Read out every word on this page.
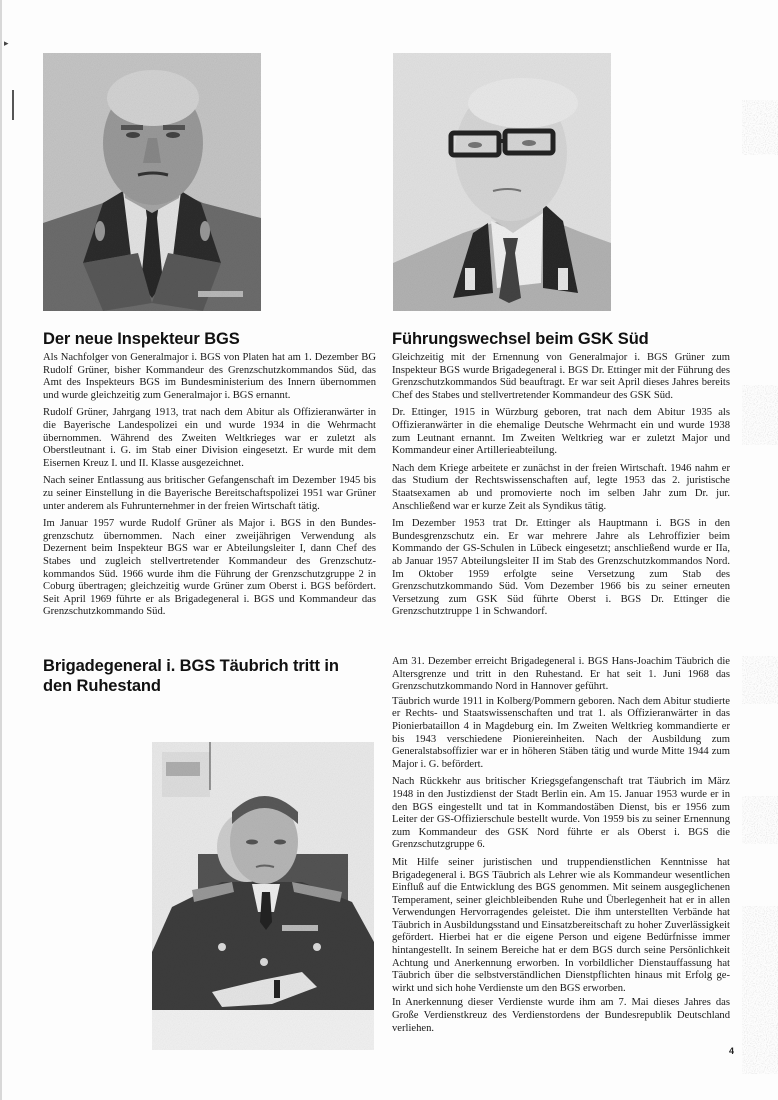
▸
Der neue Inspekteur BGS	Führungswechsel beim GSK Süd

Als Nachfolger von Generalmajor i. BGS von Platen hat am 1. Dezember BG Rudolf Grüner, bisher Kommandeur des Grenzschutzkommandos Süd, das Amt des Inspekteurs BGS im Bundesministerium des Innern übernommen und wurde gleichzeitig zum Generalmajor i. BGS ernannt.

Rudolf Grüner, Jahrgang 1913, trat nach dem Abitur als Offizieranwärter in die Bayerische Landespolizei ein und wurde 1934 in die Wehrmacht übernommen. Während des Zweiten Weltkrieges war er zuletzt als Oberstleutnant i. G. im Stab einer Division eingesetzt. Er wurde mit dem Eisernen Kreuz I. und II. Klasse ausgezeichnet.

Nach seiner Entlassung aus britischer Gefangenschaft im Dezember 1945 bis zu seiner Einstellung in die Bayerische Bereitschaftspolizei 1951 war Grüner unter anderem als Fuhrunternehmer in der freien Wirtschaft tätig.

Im Januar 1957 wurde Rudolf Grüner als Major i. BGS in den Bundesgrenzschutz übernommen. Nach einer zweijährigen Verwendung als Dezernent beim Inspekteur BGS war er Abteilungsleiter I, dann Chef des Stabes und zugleich stellvertretender Kommandeur des Grenzschutzkommandos Süd. 1966 wurde ihm die Führung der Grenzschutzgruppe 2 in Coburg übertragen; gleichzeitig wurde Grüner zum Oberst i. BGS befördert. Seit April 1969 führte er als Brigadegeneral i. BGS und Kommandeur das Grenzschutzkommando Süd.

Gleichzeitig mit der Ernennung von Generalmajor i. BGS Grüner zum Inspekteur BGS wurde Brigadegeneral i. BGS Dr. Ettinger mit der Führung des Grenzschutzkommandos Süd beauftragt. Er war seit April dieses Jahres bereits Chef des Stabes und stellvertretender Kommandeur des GSK Süd.

Dr. Ettinger, 1915 in Würzburg geboren, trat nach dem Abitur 1935 als Offizieranwärter in die ehemalige Deutsche Wehrmacht ein und wurde 1938 zum Leutnant ernannt. Im Zweiten Weltkrieg war er zuletzt Major und Kommandeur einer Artillerieabteilung.

Nach dem Kriege arbeitete er zunächst in der freien Wirtschaft. 1946 nahm er das Studium der Rechtswissenschaften auf, legte 1953 das 2. juristische Staatsexamen ab und promovierte noch im selben Jahr zum Dr. jur. Anschließend war er kurze Zeit als Syndikus tätig.

Im Dezember 1953 trat Dr. Ettinger als Hauptmann i. BGS in den Bundesgrenzschutz ein. Er war mehrere Jahre als Lehroffizier beim Kommando der GS-Schulen in Lübeck eingesetzt; anschließend wurde er IIa, ab Januar 1957 Abteilungsleiter II im Stab des Grenzschutzkommandos Nord. Im Oktober 1959 erfolgte seine Versetzung zum Stab des Grenzschutzkommando Süd. Vom Dezember 1966 bis zu seiner erneuten Versetzung zum GSK Süd führte Oberst i. BGS Dr. Ettinger die Grenzschutztruppe 1 in Schwandorf.

Brigadegeneral i. BGS Täubrich tritt in den Ruhestand

Am 31. Dezember erreicht Brigadegeneral i. BGS Hans-Joachim Täubrich die Altersgrenze und tritt in den Ruhestand. Er hat seit 1. Juni 1968 das Grenzschutzkommando Nord in Hannover geführt.

Täubrich wurde 1911 in Kolberg/Pommern geboren. Nach dem Abitur studierte er Rechts- und Staatswissenschaften und trat 1. als Offizieranwärter in das Pionierbataillon 4 in Magdeburg ein. Im Zweiten Weltkrieg kommandierte er bis 1943 verschiedene Pioniereinheiten. Nach der Ausbildung zum Generalstabsoffizier war er in höheren Stäben tätig und wurde Mitte 1944 zum Major i. G. befördert.

Nach Rückkehr aus britischer Kriegsgefangenschaft trat Täubrich im März 1948 in den Justizdienst der Stadt Berlin ein. Am 15. Januar 1953 wurde er in den BGS eingestellt und tat in Kommandostäben Dienst, bis er 1956 zum Leiter der GS-Offizierschule bestellt wurde. Von 1959 bis zu seiner Ernennung zum Kommandeur des GSK Nord führte er als Oberst i. BGS die Grenzschutzgruppe 6.

Mit Hilfe seiner juristischen und truppendienstlichen Kenntnisse hat Brigadegeneral i. BGS Täubrich als Lehrer wie als Kommandeur wesentlichen Einfluß auf die Entwicklung des BGS genommen. Mit seinem ausgeglichenen Temperament, seiner gleichbleibenden Ruhe und Überlegenheit hat er in allen Verwendungen Hervorragendes geleistet. Die ihm unterstellten Verbände hat Täubrich in Ausbildungsstand und Einsatzbereitschaft zu hoher Zuverlässigkeit gefördert. Hierbei hat er die eigene Person und eigene Bedürfnisse immer hintangestellt. In seinem Bereiche hat er dem BGS durch seine Persönlichkeit Achtung und Anerkennung erworben. In vorbildlicher Dienstauffassung hat Täubrich über die selbstverständlichen Dienstpflichten hinaus mit Erfolg gewirkt und sich hohe Verdienste um den BGS erworben.

In Anerkennung dieser Verdienste wurde ihm am 7. Mai dieses Jahres das Große Verdienstkreuz des Verdienstordens der Bundesrepublik Deutschland verliehen.

4
